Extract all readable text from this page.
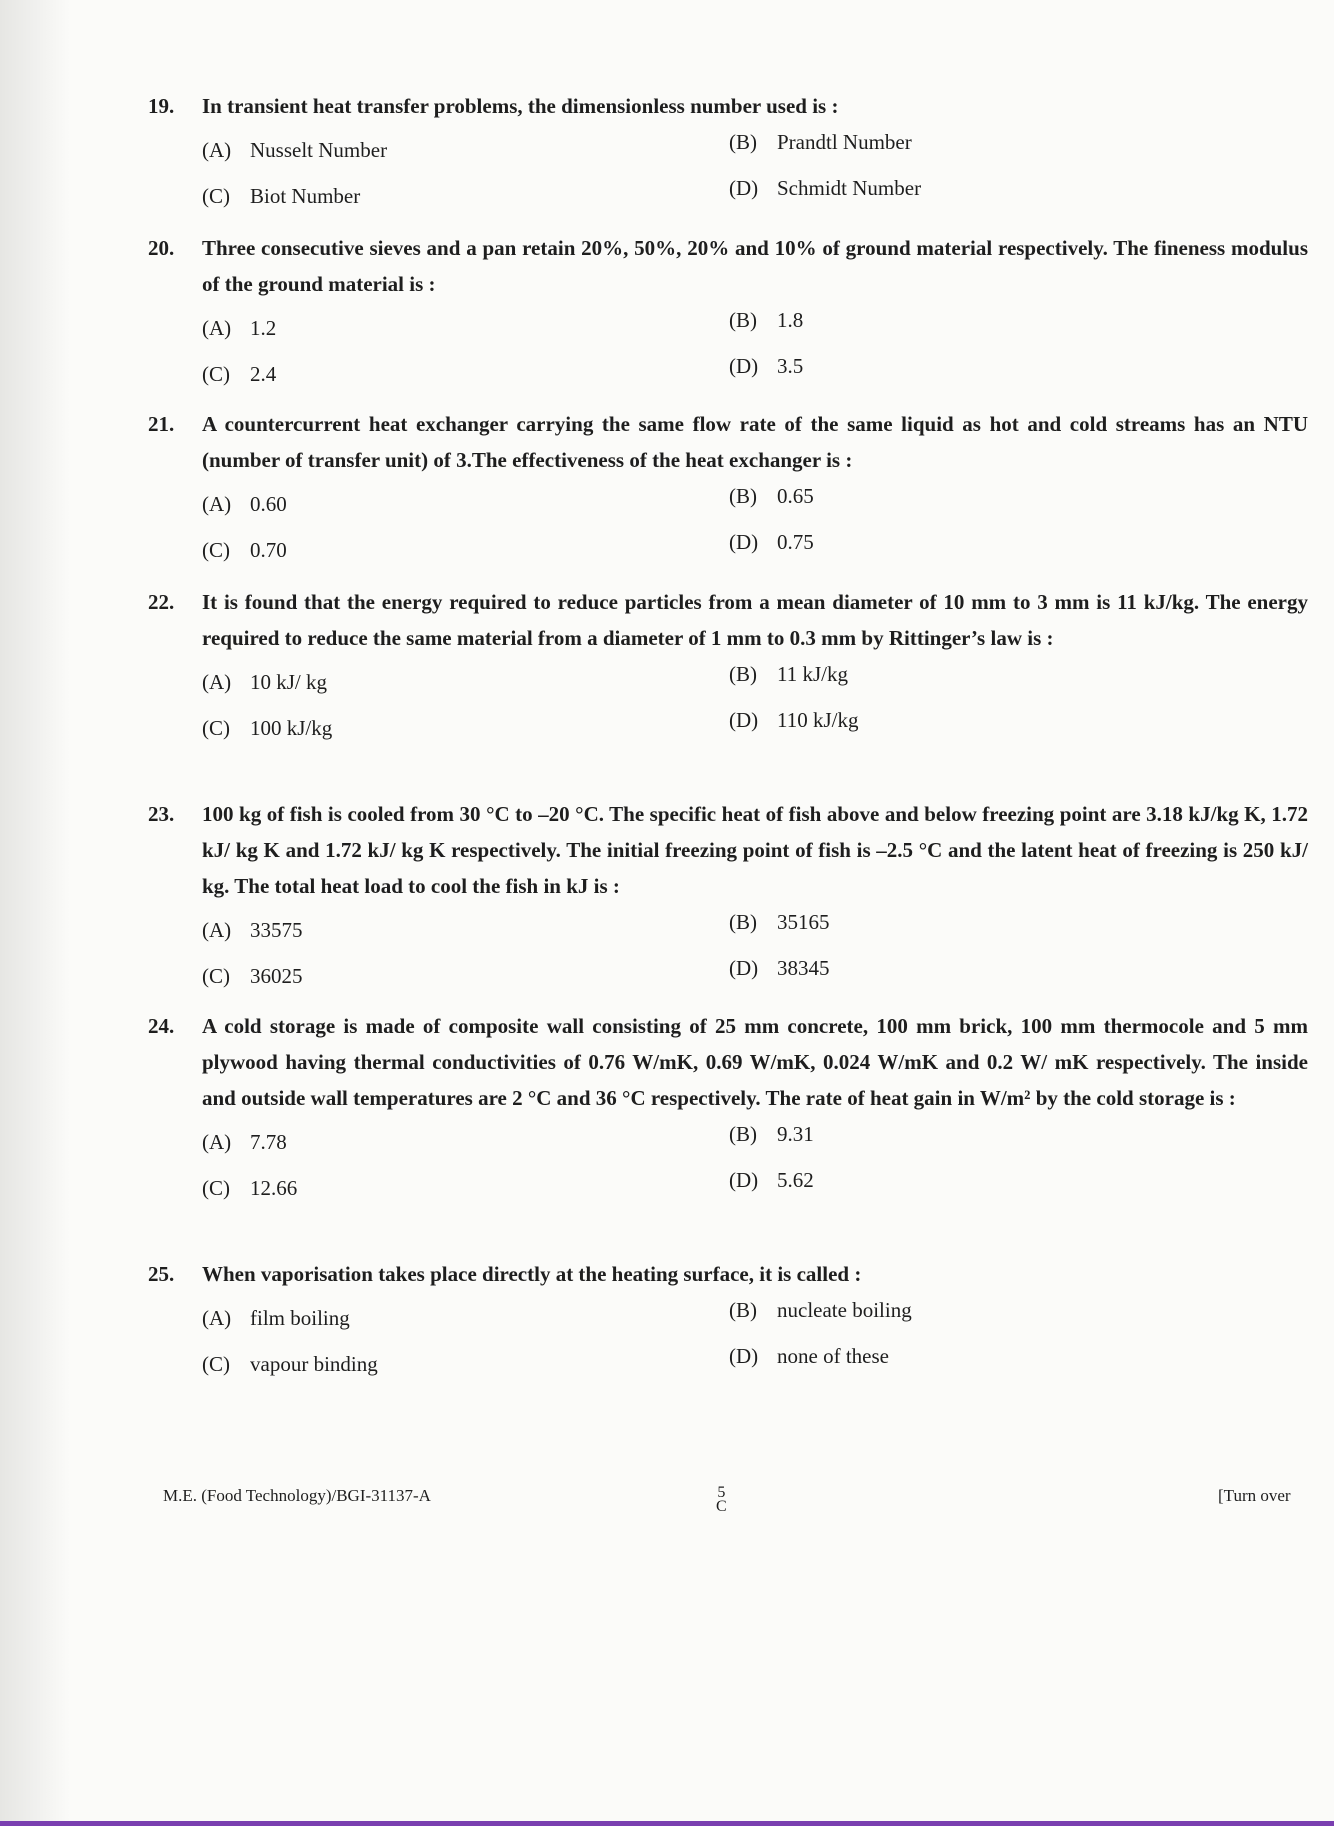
19.	In transient heat transfer problems, the dimensionless number used is :
(A) Nusselt Number	(B) Prandtl Number
(C) Biot Number	(D) Schmidt Number
20.	Three consecutive sieves and a pan retain 20%, 50%, 20% and 10% of ground material respectively. The fineness modulus of the ground material is :
(A) 1.2	(B) 1.8
(C) 2.4	(D) 3.5
21.	A countercurrent heat exchanger carrying the same flow rate of the same liquid as hot and cold streams has an NTU (number of transfer unit) of 3.The effectiveness of the heat exchanger is :
(A) 0.60	(B) 0.65
(C) 0.70	(D) 0.75
22.	It is found that the energy required to reduce particles from a mean diameter of 10 mm to 3 mm is 11 kJ/kg. The energy required to reduce the same material from a diameter of 1 mm to 0.3 mm by Rittinger’s law is :
(A) 10 kJ/ kg	(B) 11 kJ/kg
(C) 100 kJ/kg	(D) 110 kJ/kg
23.	100 kg of fish is cooled from 30 °C to –20 °C. The specific heat of fish above and below freezing point are 3.18 kJ/kg K, 1.72 kJ/ kg K and 1.72 kJ/ kg K respectively. The initial freezing point of fish is –2.5 °C and the latent heat of freezing is 250 kJ/ kg. The total heat load to cool the fish in kJ is :
(A) 33575	(B) 35165
(C) 36025	(D) 38345
24.	A cold storage is made of composite wall consisting of 25 mm concrete, 100 mm brick, 100 mm thermocole and 5 mm plywood having thermal conductivities of 0.76 W/mK, 0.69 W/mK, 0.024 W/mK and 0.2 W/ mK respectively. The inside and outside wall temperatures are 2 °C and 36 °C respectively. The rate of heat gain in W/m² by the cold storage is :
(A) 7.78	(B) 9.31
(C) 12.66	(D) 5.62
25.	When vaporisation takes place directly at the heating surface, it is called :
(A) film boiling	(B) nucleate boiling
(C) vapour binding	(D) none of these
M.E. (Food Technology)/BGI-31137-A	5
C
[Turn over
